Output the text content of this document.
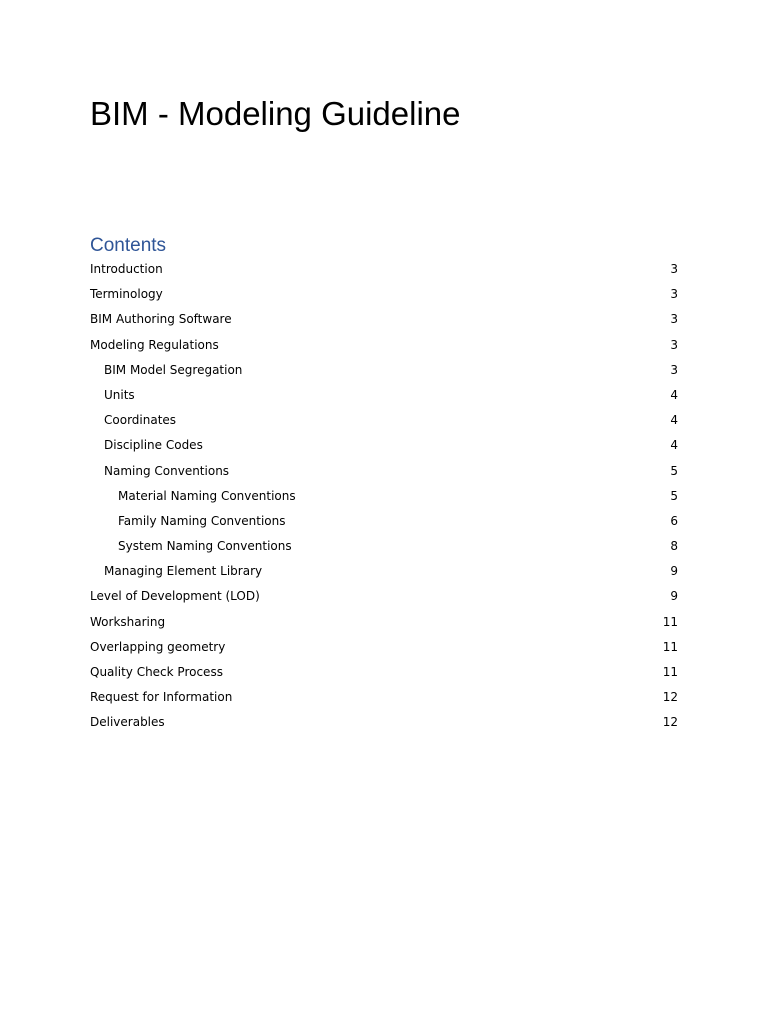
BIM - Modeling Guideline
Contents
Introduction	3
Terminology	3
BIM Authoring Software	3
Modeling Regulations	3
BIM Model Segregation	3
Units	4
Coordinates	4
Discipline Codes	4
Naming Conventions	5
Material Naming Conventions	5
Family Naming Conventions	6
System Naming Conventions	8
Managing Element Library	9
Level of Development (LOD)	9
Worksharing	11
Overlapping geometry	11
Quality Check Process	11
Request for Information	12
Deliverables	12
